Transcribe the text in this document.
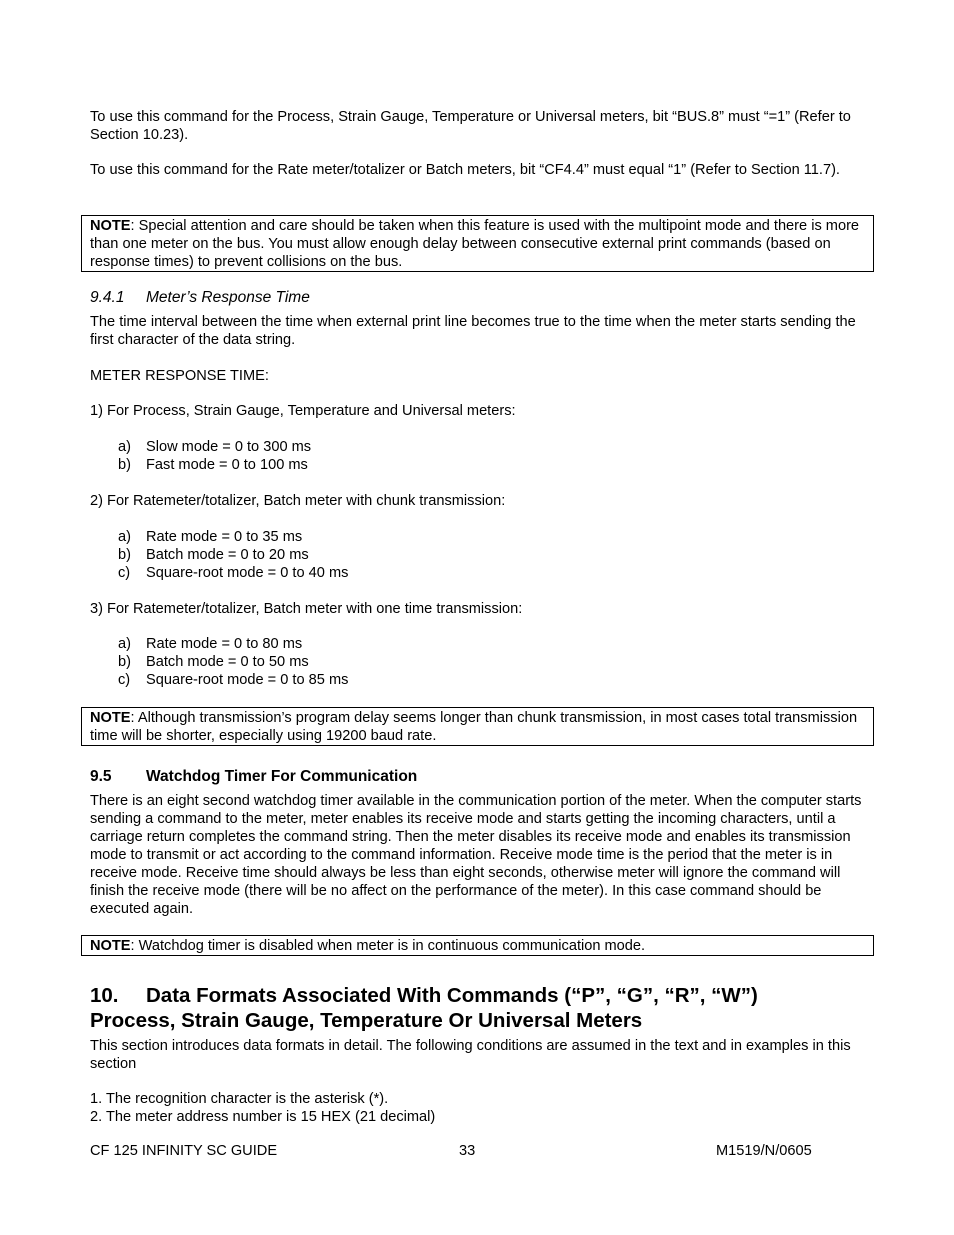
To use this command for the Process, Strain Gauge, Temperature or Universal meters, bit “BUS.8” must “=1” (Refer to Section 10.23).

To use this command for the Rate meter/totalizer or Batch meters, bit “CF4.4” must equal “1” (Refer to Section 11.7).

NOTE: Special attention and care should be taken when this feature is used with the multipoint mode and there is more than one meter on the bus. You must allow enough delay between consecutive external print commands (based on response times) to prevent collisions on the bus.
9.4.1 Meter’s Response Time

The time interval between the time when external print line becomes true to the time when the meter starts sending the first character of the data string.

METER RESPONSE TIME:

1) For Process, Strain Gauge, Temperature and Universal meters:

a) Slow mode = 0 to 300 ms
b) Fast mode = 0 to 100 ms

2) For Ratemeter/totalizer, Batch meter with chunk transmission:

a) Rate mode = 0 to 35 ms
b) Batch mode = 0 to 20 ms
c) Square-root mode = 0 to 40 ms

3) For Ratemeter/totalizer, Batch meter with one time transmission:

a) Rate mode = 0 to 80 ms
b) Batch mode = 0 to 50 ms
c) Square-root mode = 0 to 85 ms
NOTE: Although transmission’s program delay seems longer than chunk transmission, in most cases total transmission time will be shorter, especially using 19200 baud rate.
9.5 Watchdog Timer For Communication

There is an eight second watchdog timer available in the communication portion of the meter. When the computer starts sending a command to the meter, meter enables its receive mode and starts getting the incoming characters, until a carriage return completes the command string. Then the meter disables its receive mode and enables its transmission mode to transmit or act according to the command information. Receive mode time is the period that the meter is in receive mode. Receive time should always be less than eight seconds, otherwise meter will ignore the command will finish the receive mode (there will be no affect on the performance of the meter). In this case command should be executed again.

NOTE: Watchdog timer is disabled when meter is in continuous communication mode.
10. Data Formats Associated With Commands (“P”, “G”, “R”, “W”)
Process, Strain Gauge, Temperature Or Universal Meters

This section introduces data formats in detail. The following conditions are assumed in the text and in examples in this section

1. The recognition character is the asterisk (*).

2. The meter address number is 15 HEX (21 decimal)

CF 125 INFINITY SC GUIDE	33	M1519/N/0605
